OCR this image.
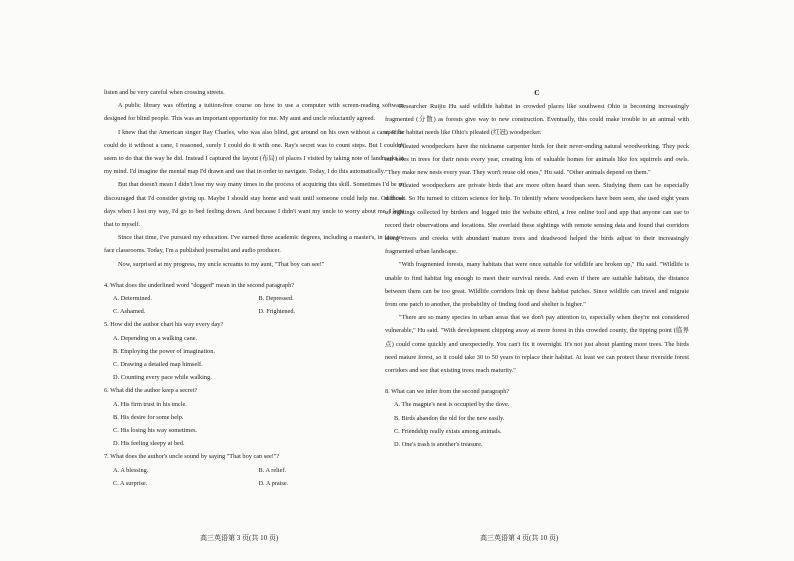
listen and be very careful when crossing streets.

A public library was offering a tuition-free course on how to use a computer with screen-reading software designed for blind people. This was an important opportunity for me. My aunt and uncle reluctantly agreed.

I knew that the American singer Ray Charles, who was also blind, got around on his own without a cane. If he could do it without a cane, I reasoned, surely I could do it with one. Ray's secret was to count steps. But I couldn't seem to do that the way he did. Instead I captured the layout (布局) of places I visited by taking note of landmarks in my mind. I'd imagine the mental map I'd drawn and use that in order to navigate. Today, I do this automatically.

But that doesn't mean I didn't lose my way many times in the process of acquiring this skill. Sometimes I'd be so discouraged that I'd consider giving up. Maybe I should stay home and wait until someone could help me. On those days when I lost my way, I'd go to bed feeling down. And because I didn't want my uncle to worry about me, I kept that to myself.

Since that time, I've pursued my education. I've earned three academic degrees, including a master's, in face-to-face classrooms. Today, I'm a published journalist and audio producer.

Now, surprised at my progress, my uncle screams to my aunt, "That boy can see!"

4. What does the underlined word "dogged" mean in the second paragraph?

A. Determined.	B. Depressed.
C. Ashamed.	D. Frightened.

5. How did the author chart his way every day?

A. Depending on a walking cane.
B. Employing the power of imagination.
C. Drawing a detailed map himself.
D. Counting every pace while walking.

6. What did the author keep a secret?

A. His firm trust in his uncle.
B. His desire for some help.
C. His losing his way sometimes.
D. His feeling sleepy at bed.

7. What does the author's uncle sound by saying "That boy can see!"?

A. A blessing.	B. A relief.
C. A surprise.	D. A praise.
C

Researcher Ruijiu Hu said wildlife habitat in crowded places like southwest Ohio is becoming increasingly fragmented (分散) as forests give way to new construction. Eventually, this could make trouble to an animal with specific habitat needs like Ohio's pileated (红冠) woodpecker.

Pileated woodpeckers have the nickname carpenter birds for their never-ending natural woodworking. They peck out holes in trees for their nests every year, creating lots of valuable homes for animals like fox squirrels and owls. "They make new nests every year. They won't reuse old ones," Hu said. "Other animals depend on them."

Pileated woodpeckers are private birds that are more often heard than seen. Studying them can be especially difficult. So Hu turned to citizen science for help. To identify where woodpeckers have been seen, she used eight years of sightings collected by birders and logged into the website eBird, a free online tool and app that anyone can use to record their observations and locations. She overlaid these sightings with remote sensing data and found that corridors along rivers and creeks with abundant mature trees and deadwood helped the birds adjust to their increasingly fragmented urban landscape.

"With fragmented forests, many habitats that were once suitable for wildlife are broken up," Hu said. "Wildlife is unable to find habitat big enough to meet their survival needs. And even if there are suitable habitats, the distance between them can be too great. Wildlife corridors link up these habitat patches. Since wildlife can travel and migrate from one patch to another, the probability of finding food and shelter is higher."

"There are so many species in urban areas that we don't pay attention to, especially when they're not considered vulnerable," Hu said. "With development chipping away at more forest in this crowded county, the tipping point (临界点) could come quickly and unexpectedly. You can't fix it overnight. It's not just about planting more trees. The birds need mature forest, so it could take 30 to 50 years to replace their habitat. At least we can protect these riverside forest corridors and see that existing trees reach maturity."

8. What can we infer from the second paragraph?

A. The magpie's nest is occupied by the dove.
B. Birds abandon the old for the new easily.
C. Friendship really exists among animals.
D. One's trash is another's treasure.
高三英语第 3 页(共 10 页)	高三英语第 4 页(共 10 页)
